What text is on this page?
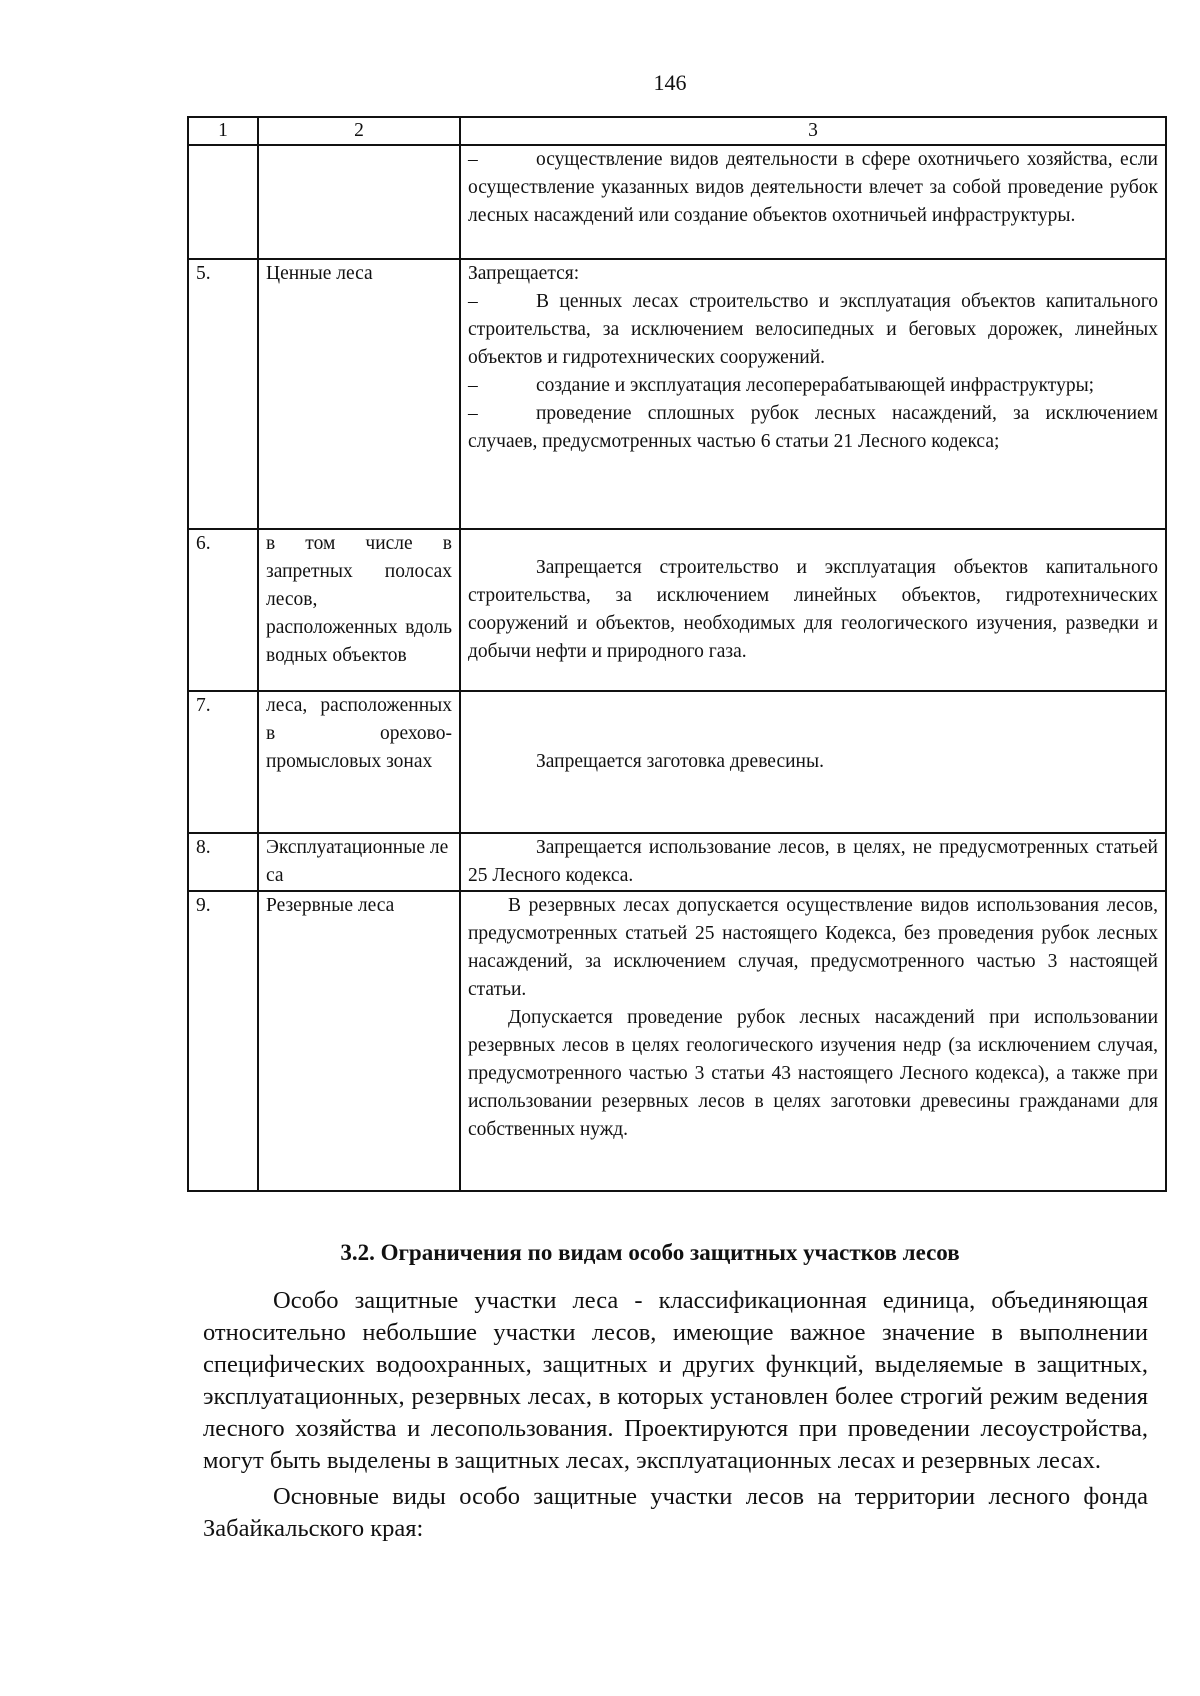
146
1	2	3

		– осуществление видов деятельности в сфере охотничьего хозяйства, если осуществление указанных видов деятельности влечет за собой проведение рубок лесных насаждений или создание объектов охотничьей инфраструктуры.

5.	Ценные леса	Запрещается:
– В ценных лесах строительство и эксплуатация объектов капитального строительства, за исключением велосипедных и беговых дорожек, линейных объектов и гидротехнических сооружений.
– создание и эксплуатация лесоперерабатывающей инфраструктуры;
– проведение сплошных рубок лесных насаждений, за исключением случаев, предусмотренных частью 6 статьи 21 Лесного кодекса;

6.	в том числе в запретных полосах лесов, расположенных вдоль водных объектов	Запрещается строительство и эксплуатация объектов капитального строительства, за исключением линейных объектов, гидротехнических сооружений и объектов, необходимых для геологического изучения, разведки и добычи нефти и природного газа.

7.	леса, расположенных в орехово-промысловых зонах	Запрещается заготовка древесины.

8.	Эксплуатационные леса	Запрещается использование лесов, в целях, не предусмотренных статьей 25 Лесного кодекса.

9.	Резервные леса	В резервных лесах допускается осуществление видов использования лесов, предусмотренных статьей 25 настоящего Кодекса, без проведения рубок лесных насаждений, за исключением случая, предусмотренного частью 3 настоящей статьи.
Допускается проведение рубок лесных насаждений при использовании резервных лесов в целях геологического изучения недр (за исключением случая, предусмотренного частью 3 статьи 43 настоящего Лесного кодекса), а также при использовании резервных лесов в целях заготовки древесины гражданами для собственных нужд.
3.2. Ограничения по видам особо защитных участков лесов

Особо защитные участки леса - классификационная единица, объединяющая относительно небольшие участки лесов, имеющие важное значение в выполнении специфических водоохранных, защитных и других функций, выделяемые в защитных, эксплуатационных, резервных лесах, в которых установлен более строгий режим ведения лесного хозяйства и лесопользования. Проектируются при проведении лесоустройства, могут быть выделены в защитных лесах, эксплуатационных лесах и резервных лесах.

Основные виды особо защитные участки лесов на территории лесного фонда Забайкальского края:
